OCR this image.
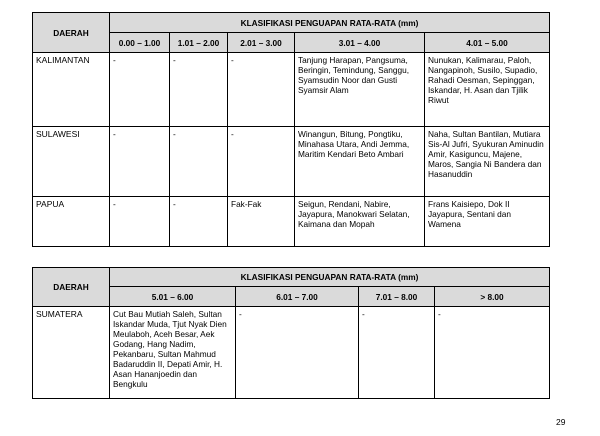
DAERAH	KLASIFIKASI PENGUAPAN RATA-RATA (mm)				
	0.00 – 1.00	1.01 – 2.00	2.01 – 3.00	3.01 – 4.00	4.01 – 5.00
KALIMANTAN	-	-	-	Tanjung Harapan, Pangsuma, Beringin, Temindung, Sanggu, Syamsudin Noor dan Gusti Syamsir Alam	Nunukan, Kalimarau, Paloh, Nangapinoh, Susilo, Supadio, Rahadi Oesman, Sepinggan, Iskandar, H. Asan dan Tjilik Riwut
SULAWESI	-	-	-	Winangun, Bitung, Pongtiku, Minahasa Utara, Andi Jemma, Maritim Kendari Beto Ambari	Naha, Sultan Bantilan, Mutiara Sis-Al Jufri, Syukuran Aminudin Amir, Kasiguncu, Majene, Maros, Sangia Ni Bandera dan Hasanuddin
PAPUA	-	-	Fak-Fak	Seigun, Rendani, Nabire, Jayapura, Manokwari Selatan, Kaimana dan Mopah	Frans Kaisiepo, Dok II Jayapura, Sentani dan Wamena
DAERAH	KLASIFIKASI PENGUAPAN RATA-RATA (mm)			
	5.01 – 6.00	6.01 – 7.00	7.01 – 8.00	> 8.00
SUMATERA	Cut Bau Mutiah Saleh, Sultan Iskandar Muda, Tjut Nyak Dien Meulaboh, Aceh Besar, Aek Godang, Hang Nadim, Pekanbaru, Sultan Mahmud Badaruddin II, Depati Amir, H. Asan Hananjoedin dan Bengkulu	-	-	-
29
